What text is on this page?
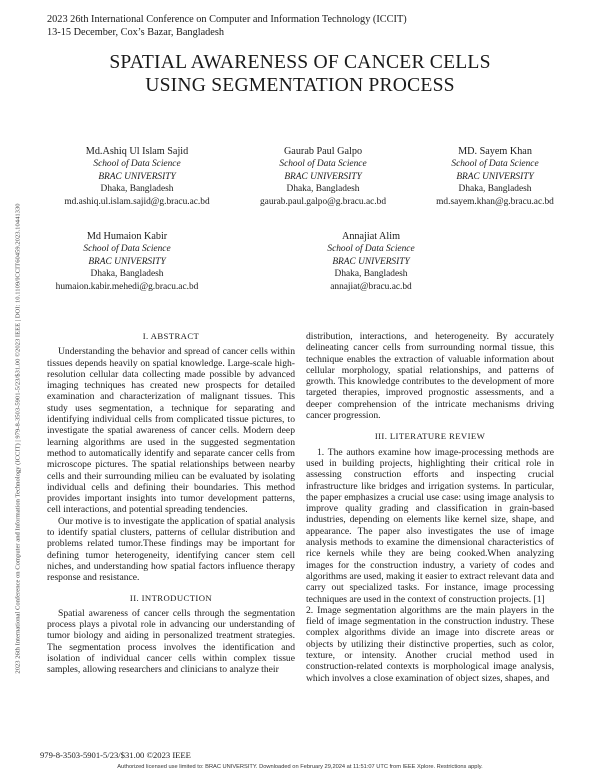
2023 26th International Conference on Computer and Information Technology (ICCIT)
13-15 December, Cox’s Bazar, Bangladesh
SPATIAL AWARENESS OF CANCER CELLS
USING SEGMENTATION PROCESS
Md.Ashiq Ul Islam Sajid
School of Data Science
BRAC UNIVERSITY
Dhaka, Bangladesh
md.ashiq.ul.islam.sajid@g.bracu.ac.bd
Gaurab Paul Galpo
School of Data Science
BRAC UNIVERSITY
Dhaka, Bangladesh
gaurab.paul.galpo@g.bracu.ac.bd
MD. Sayem Khan
School of Data Science
BRAC UNIVERSITY
Dhaka, Bangladesh
md.sayem.khan@g.bracu.ac.bd
Md Humaion Kabir
School of Data Science
BRAC UNIVERSITY
Dhaka, Bangladesh
humaion.kabir.mehedi@g.bracu.ac.bd
Annajiat Alim
School of Data Science
BRAC UNIVERSITY
Dhaka, Bangladesh
annajiat@bracu.ac.bd
2023 26th International Conference on Computer and Information Technology (ICCIT) | 979-8-3503-5901-5/23/$31.00 ©2023 IEEE | DOI: 10.1109/ICCIT60459.2023.10441330	I. ABSTRACT

Understanding the behavior and spread of cancer cells within tissues depends heavily on spatial knowledge. Large-scale high-resolution cellular data collecting made possible by advanced imaging techniques has created new prospects for detailed examination and characterization of malignant tissues. This study uses segmentation, a technique for separating and identifying individual cells from complicated tissue pictures, to investigate the spatial awareness of cancer cells. Modern deep learning algorithms are used in the suggested segmentation method to automatically identify and separate cancer cells from microscope pictures. The spatial relationships between nearby cells and their surrounding milieu can be evaluated by isolating individual cells and defining their boundaries. This method provides important insights into tumor development patterns, cell interactions, and potential spreading tendencies.

Our motive is to investigate the application of spatial analysis to identify spatial clusters, patterns of cellular distribution and problems related tumor.These findings may be important for defining tumor heterogeneity, identifying cancer stem cell niches, and understanding how spatial factors influence therapy response and resistance.

II. INTRODUCTION

Spatial awareness of cancer cells through the segmentation process plays a pivotal role in advancing our understanding of tumor biology and aiding in personalized treatment strategies. The segmentation process involves the identification and isolation of individual cancer cells within complex tissue samples, allowing researchers and clinicians to analyze their

distribution, interactions, and heterogeneity. By accurately delineating cancer cells from surrounding normal tissue, this technique enables the extraction of valuable information about cellular morphology, spatial relationships, and patterns of growth. This knowledge contributes to the development of more targeted therapies, improved prognostic assessments, and a deeper comprehension of the intricate mechanisms driving cancer progression.

III. LITERATURE REVIEW

1. The authors examine how image-processing methods are used in building projects, highlighting their critical role in assessing construction efforts and inspecting crucial infrastructure like bridges and irrigation systems. In particular, the paper emphasizes a crucial use case: using image analysis to improve quality grading and classification in grain-based industries, depending on elements like kernel size, shape, and appearance. The paper also investigates the use of image analysis methods to examine the dimensional characteristics of rice kernels while they are being cooked.When analyzing images for the construction industry, a variety of codes and algorithms are used, making it easier to extract relevant data and carry out specialized tasks. For instance, image processing techniques are used in the context of construction projects. [1]

2. Image segmentation algorithms are the main players in the field of image segmentation in the construction industry. These complex algorithms divide an image into discrete areas or objects by utilizing their distinctive properties, such as color, texture, or intensity. Another crucial method used in construction-related contexts is morphological image analysis, which involves a close examination of object sizes, shapes, and

979-8-3503-5901-5/23/$31.00 ©2023 IEEE
Authorized licensed use limited to: BRAC UNIVERSITY. Downloaded on February 29,2024 at 11:51:07 UTC from IEEE Xplore. Restrictions apply.
